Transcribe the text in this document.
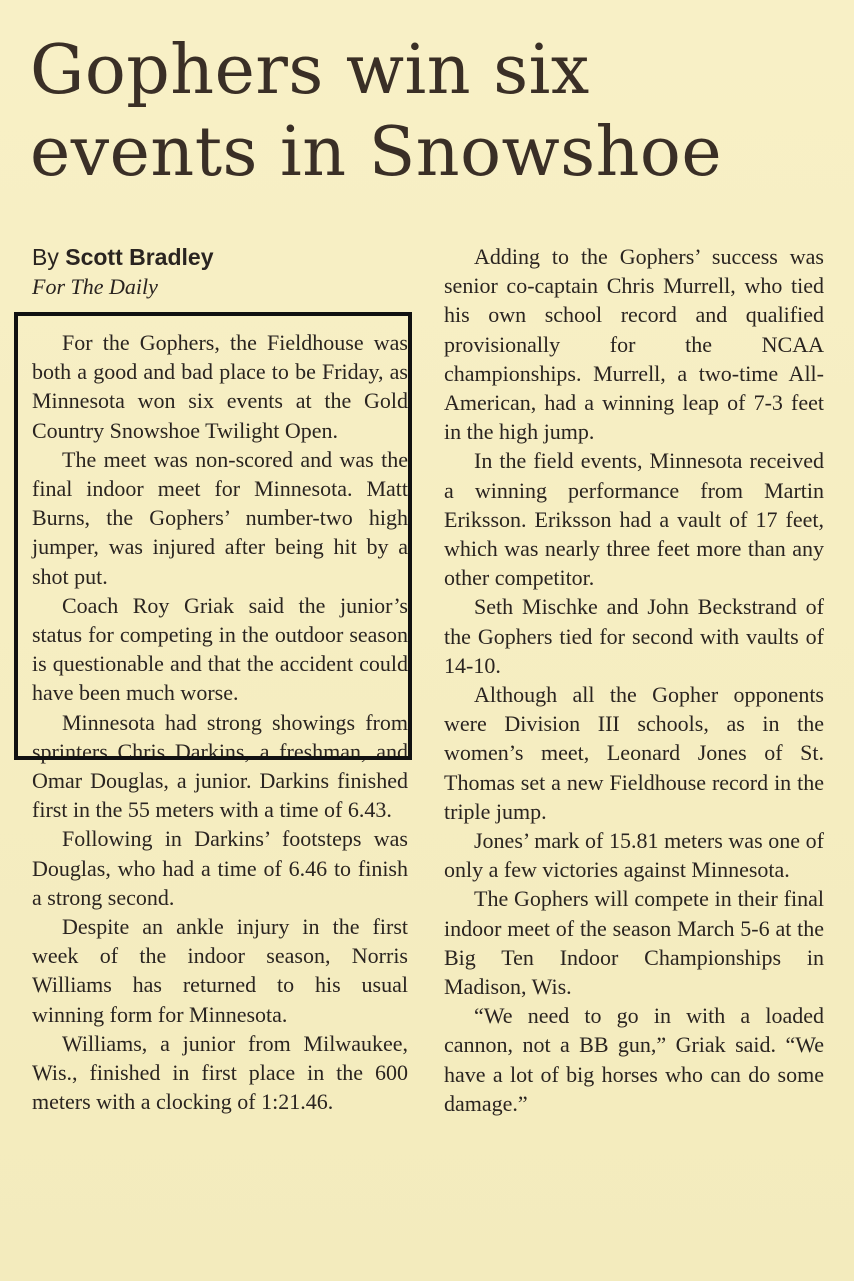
Gophers win six
events in Snowshoe
By Scott Bradley
For The Daily

For the Gophers, the Fieldhouse was both a good and bad place to be Friday, as Minnesota won six events at the Gold Country Snowshoe Twilight Open.

The meet was non-scored and was the final indoor meet for Minnesota. Matt Burns, the Gophers’ number-two high jumper, was injured after being hit by a shot put.

Coach Roy Griak said the junior’s status for competing in the outdoor season is questionable and that the accident could have been much worse.

Minnesota had strong showings from sprinters Chris Darkins, a freshman, and Omar Douglas, a junior. Darkins finished first in the 55 meters with a time of 6.43.

Following in Darkins’ footsteps was Douglas, who had a time of 6.46 to finish a strong second.

Despite an ankle injury in the first week of the indoor season, Norris Williams has returned to his usual winning form for Minnesota.

Williams, a junior from Milwaukee, Wis., finished in first place in the 600 meters with a clocking of 1:21.46.

Adding to the Gophers’ success was senior co-captain Chris Murrell, who tied his own school record and qualified provisionally for the NCAA championships. Murrell, a two-time All-American, had a winning leap of 7-3 feet in the high jump.

In the field events, Minnesota received a winning performance from Martin Eriksson. Eriksson had a vault of 17 feet, which was nearly three feet more than any other competitor.

Seth Mischke and John Beckstrand of the Gophers tied for second with vaults of 14-10.

Although all the Gopher opponents were Division III schools, as in the women’s meet, Leonard Jones of St. Thomas set a new Fieldhouse record in the triple jump.

Jones’ mark of 15.81 meters was one of only a few victories against Minnesota.

The Gophers will compete in their final indoor meet of the season March 5-6 at the Big Ten Indoor Championships in Madison, Wis.

“We need to go in with a loaded cannon, not a BB gun,” Griak said. “We have a lot of big horses who can do some damage.”
